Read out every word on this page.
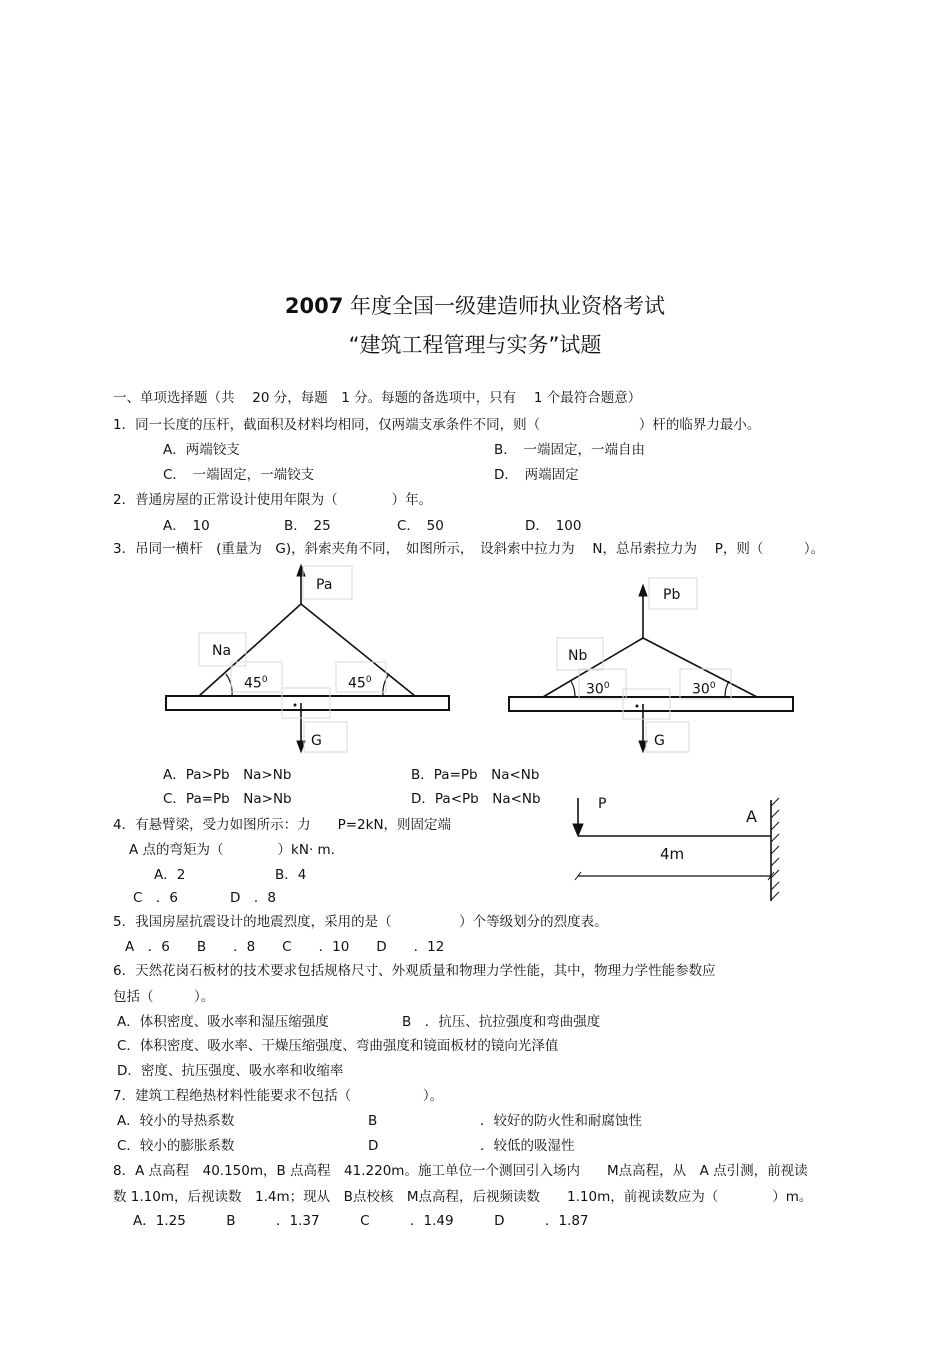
2007 年度全国一级建造师执业资格考试
“建筑工程管理与实务”试题
一、单项选择题（共　 20 分，每题　1 分。每题的备选项中，只有　 1 个最符合题意）
1．同一长度的压杆，截面积及材料均相同，仅两端支承条件不同，则（　　　　　　　 ）杆的临界力最小。
A．两端铰支	B．　一端固定，一端自由
C．　一端固定，一端铰支	D．　两端固定
2．普通房屋的正常设计使用年限为（　　　　）年。
A．　10	B．　25	C．　50	D．　100
3．吊同一横杆　(重量为　G)，斜索夹角不同，　如图所示，　设斜索中拉力为　 N，总吊索拉力为　 P，则（　　　）。
Pa
Na
$45^0$	$45^0$
G
Pb
Nb
$30^0$	$30^0$
G
A．Pa>Pb　Na>Nb	B．Pa=Pb　Na<Nb
C．Pa=Pb　Na>Nb	D．Pa<Pb　Na<Nb	P
A
4m
4．有悬臂梁，受力如图所示：力　　P=2kN，则固定端
A 点的弯矩为（　　　　）kN· m.
A．2	B．4
C　．6	D　．8
5．我国房屋抗震设计的地震烈度，采用的是（　　　　　）个等级划分的烈度表。
A　．6　　B　　．8　　C　　．10　　D　　．12
6．天然花岗石板材的技术要求包括规格尺寸、外观质量和物理力学性能，其中，物理力学性能参数应
包括（　　　）。
A．体积密度、吸水率和湿压缩强度	B　．抗压、抗拉强度和弯曲强度
C．体积密度、吸水率、干燥压缩强度、弯曲强度和镜面板材的镜向光泽值
D．密度、抗压强度、吸水率和收缩率
7．建筑工程绝热材料性能要求不包括（　　　　　 ）。
A．较小的导热系数	B	．较好的防火性和耐腐蚀性
C．较小的膨胀系数	D	．较低的吸湿性
8．A 点高程　40.150m，B 点高程　41.220m。施工单位一个测回引入场内　　M点高程，从　A 点引测，前视读
数 1.10m，后视读数　1.4m；现从　B点校核　M点高程，后视频读数　　1.10m，前视读数应为（　　　　）m。
A．1.25　　　B　　　．1.37　　　C　　　．1.49　　　D　　　．1.87
